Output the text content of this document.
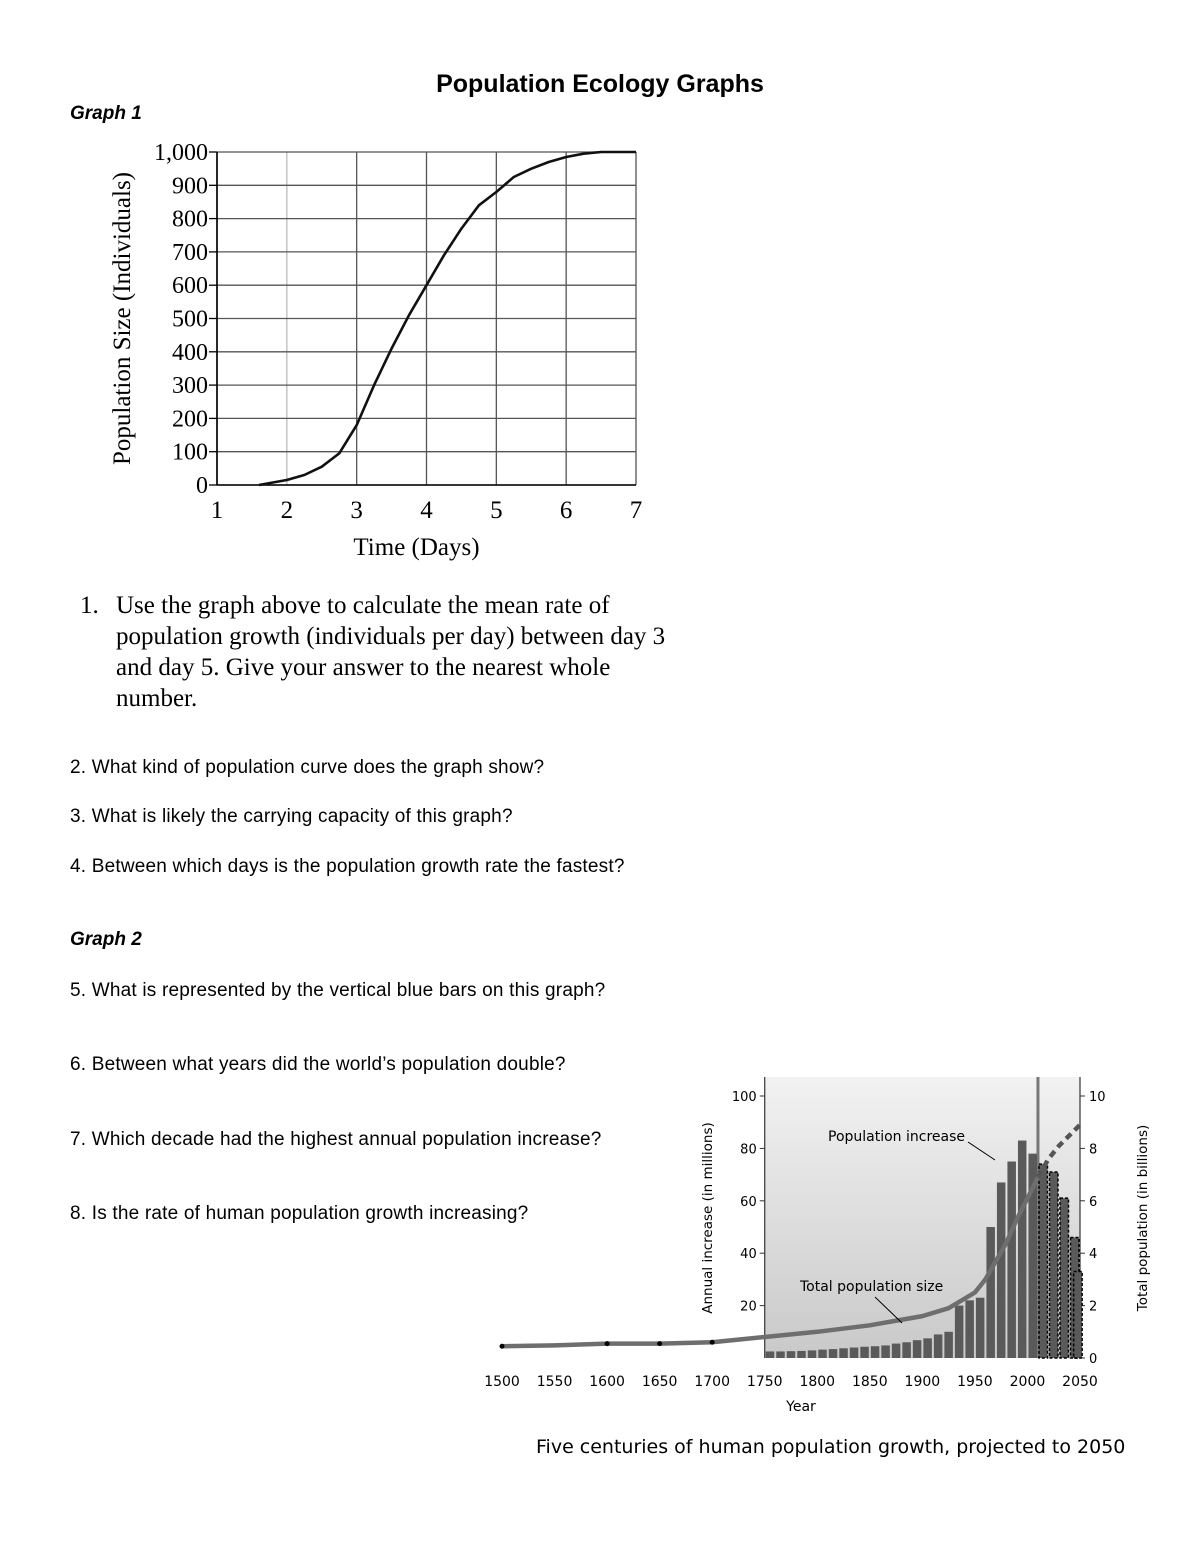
Population Ecology Graphs
Graph 1
1 2 3 4 5 6 7
0
100
200
300
400
500
600
700
800
900
1,000
Time (Days)
Population Size (Individuals)
1. Use the graph above to calculate the mean rate of population growth (individuals per day) between day 3 and day 5. Give your answer to the nearest whole number.
2. What kind of population curve does the graph show?
3. What is likely the carrying capacity of this graph?
4. Between which days is the population growth rate the fastest?
Graph 2
5. What is represented by the vertical blue bars on this graph?
6. Between what years did the world’s population double?
7. Which decade had the highest annual population increase?
8. Is the rate of human population growth increasing?
20
40
60
80
100
0
2
4
6
8
10
Population increase
Total population size
1500 1550 1600 1650 1700 1750 1800 1850 1900 1950 2000 2050
Year
Annual increase (in millions)	Total population (in billions)
Five centuries of human population growth, projected to 2050
